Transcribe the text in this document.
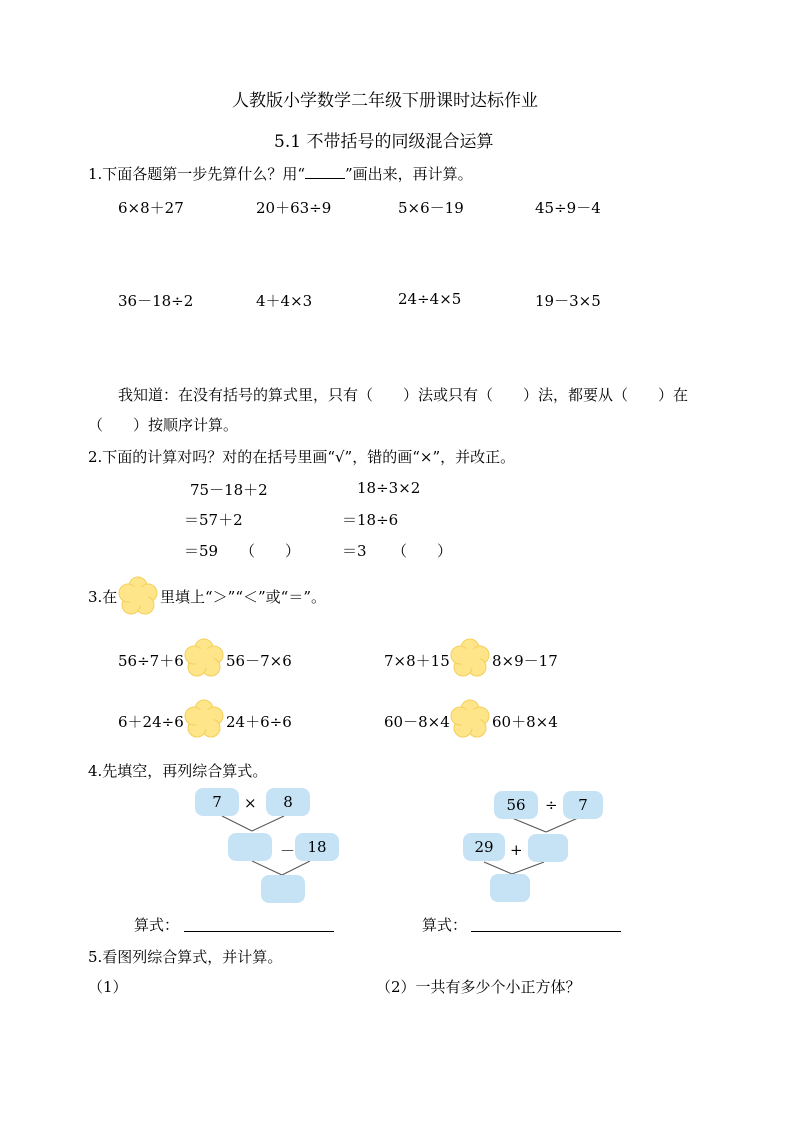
人教版小学数学二年级下册课时达标作业
5.1 不带括号的同级混合运算
1.下面各题第一步先算什么？用“	”画出来，再计算。
6×8＋27	20＋63÷9	5×6－19	45÷9－4
36－18÷2	4＋4×3	24÷4×5	19－3×5
我知道：在没有括号的算式里，只有（　　）法或只有（　　）法，都要从（　　）在
（　　）按顺序计算。
2.下面的计算对吗？对的在括号里画“√”，错的画“×”，并改正。
75－18＋2
＝57＋2
＝59 （　　）
18÷3×2
＝18÷6
＝3 （　　）
3.在	里填上“＞”“＜”或“＝”。
56÷7＋6	56－7×6	7×8＋15	8×9－17
6＋24÷6	24＋6÷6	60－8×4	60＋8×4
4.先填空，再列综合算式。
7	×	8
－ 18
56	÷	7
29	+
算式：	算式：
5.看图列综合算式，并计算。
（1）	（2）一共有多少个小正方体？
